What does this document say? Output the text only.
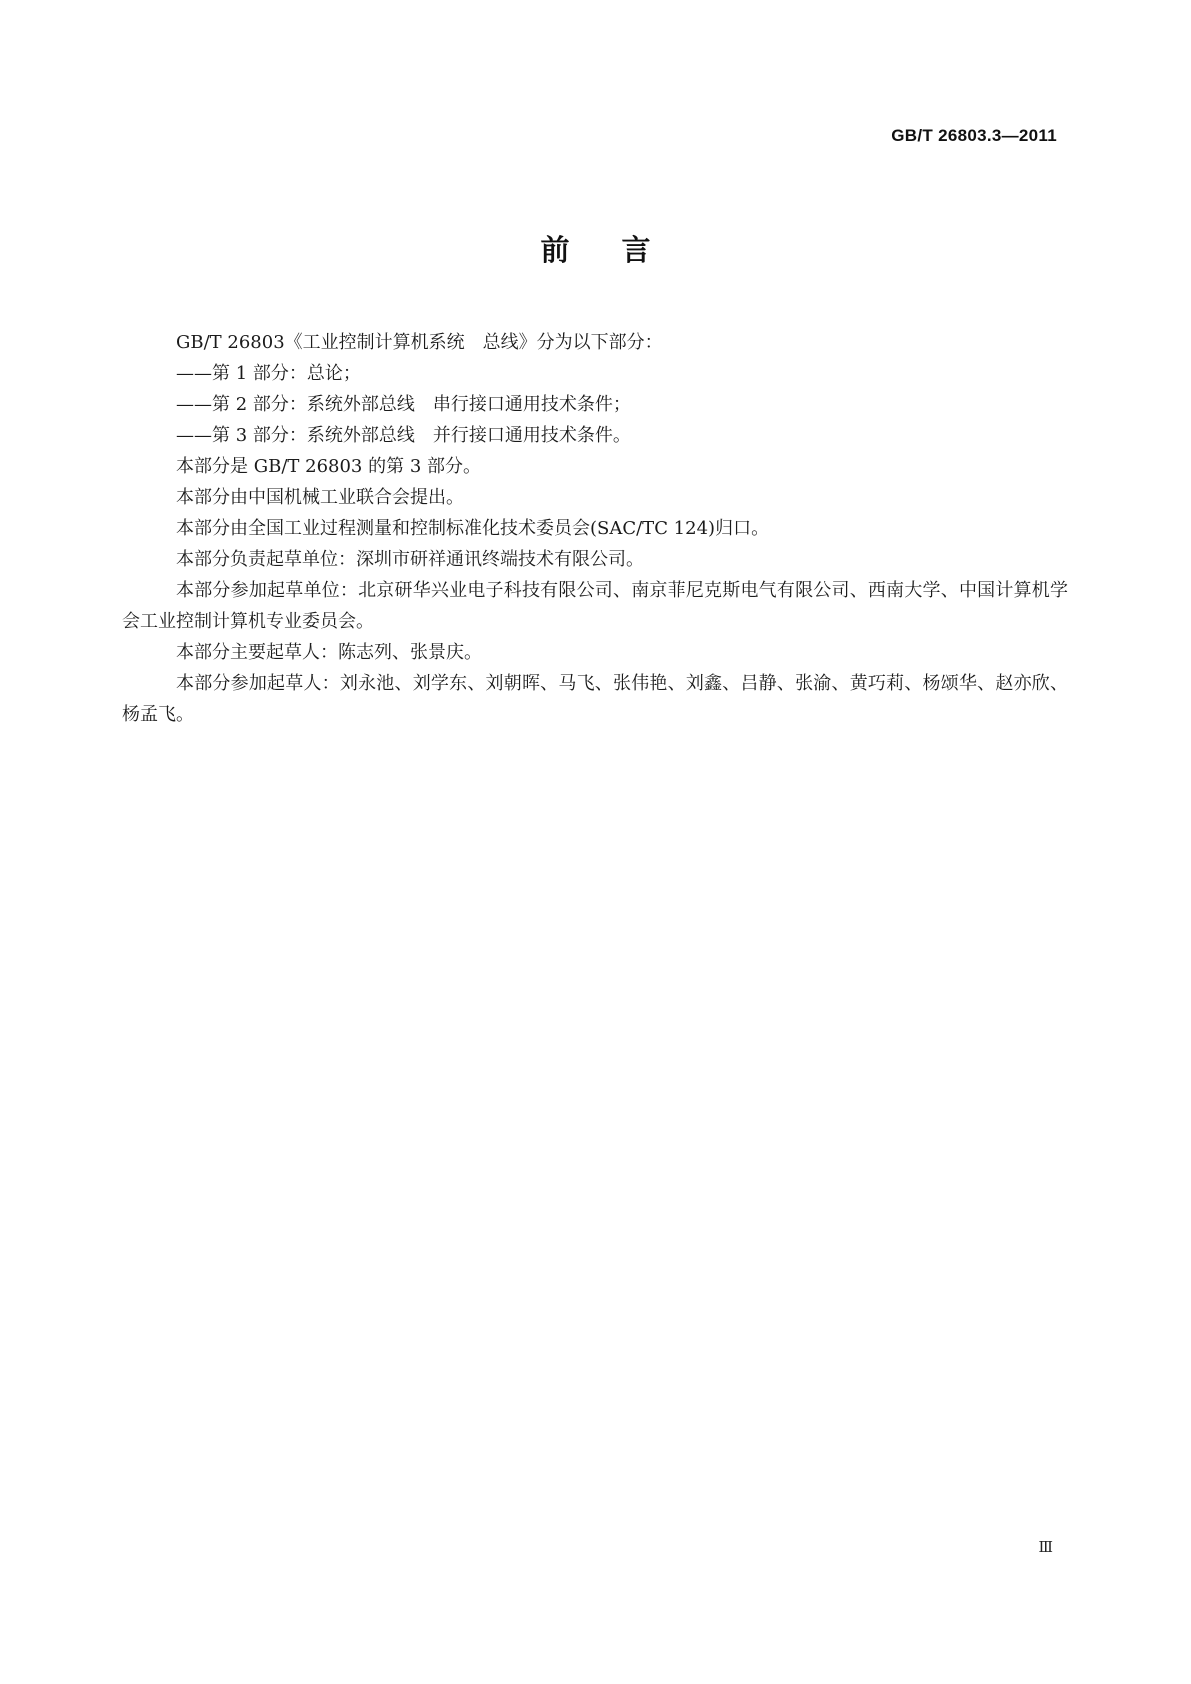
GB/T 26803.3—2011
前言

GB/T 26803《工业控制计算机系统　总线》分为以下部分：

——第 1 部分：总论；

——第 2 部分：系统外部总线　串行接口通用技术条件；

——第 3 部分：系统外部总线　并行接口通用技术条件。

本部分是 GB/T 26803 的第 3 部分。

本部分由中国机械工业联合会提出。

本部分由全国工业过程测量和控制标准化技术委员会(SAC/TC 124)归口。

本部分负责起草单位：深圳市研祥通讯终端技术有限公司。

本部分参加起草单位：北京研华兴业电子科技有限公司、南京菲尼克斯电气有限公司、西南大学、中国计算机学会工业控制计算机专业委员会。

本部分主要起草人：陈志列、张景庆。

本部分参加起草人：刘永池、刘学东、刘朝晖、马飞、张伟艳、刘鑫、吕静、张渝、黄巧莉、杨颂华、赵亦欣、杨孟飞。

Ⅲ
